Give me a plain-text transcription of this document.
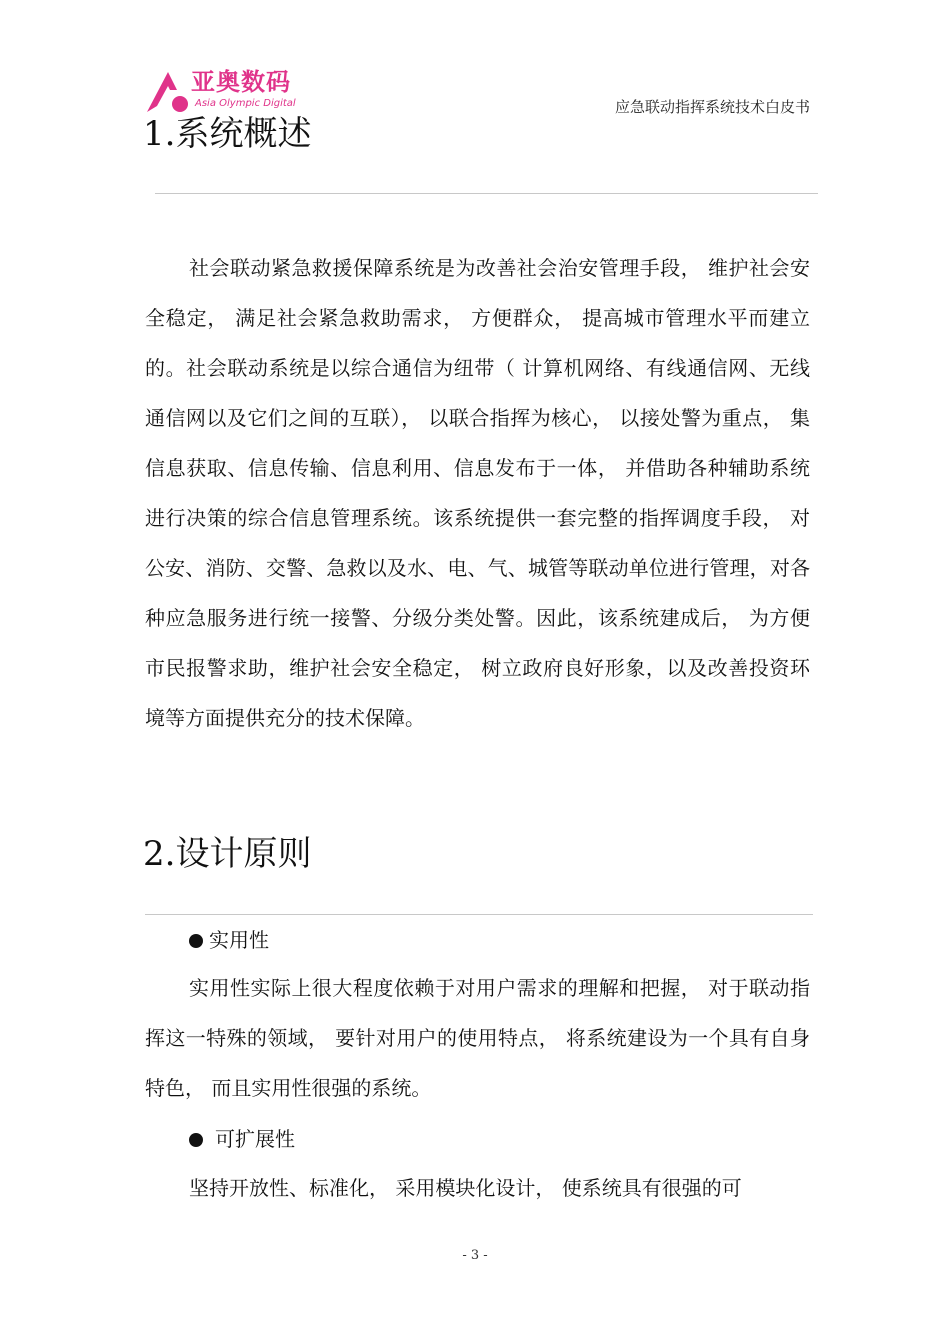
亚奥数码
Asia Olympic Digital	应急联动指挥系统技术白皮书
1.系统概述
社会联动紧急救援保障系统是为改善社会治安管理手段， 维护社会安全稳定， 满足社会紧急救助需求， 方便群众， 提高城市管理水平而建立的。社会联动系统是以综合通信为纽带（ 计算机网络、有线通信网、无线通信网以及它们之间的互联）， 以联合指挥为核心， 以接处警为重点， 集信息获取、信息传输、信息利用、信息发布于一体， 并借助各种辅助系统进行决策的综合信息管理系统。该系统提供一套完整的指挥调度手段， 对公安、消防、交警、急救以及水、电、气、城管等联动单位进行管理，对各种应急服务进行统一接警、分级分类处警。因此，该系统建成后， 为方便市民报警求助，维护社会安全稳定， 树立政府良好形象，以及改善投资环境等方面提供充分的技术保障。
2.设计原则
实用性
实用性实际上很大程度依赖于对用户需求的理解和把握， 对于联动指挥这一特殊的领域， 要针对用户的使用特点， 将系统建设为一个具有自身特色， 而且实用性很强的系统。
可扩展性
坚持开放性、标准化， 采用模块化设计， 使系统具有很强的可
- 3 -
